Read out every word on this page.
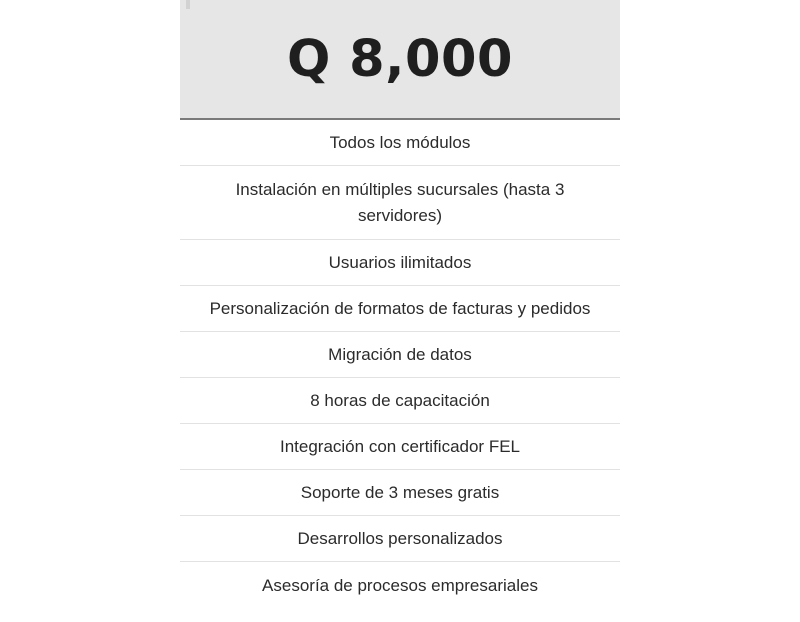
Q 8,000
Todos los módulos
Instalación en múltiples sucursales (hasta 3 servidores)
Usuarios ilimitados
Personalización de formatos de facturas y pedidos
Migración de datos
8 horas de capacitación
Integración con certificador FEL
Soporte de 3 meses gratis
Desarrollos personalizados
Asesoría de procesos empresariales
